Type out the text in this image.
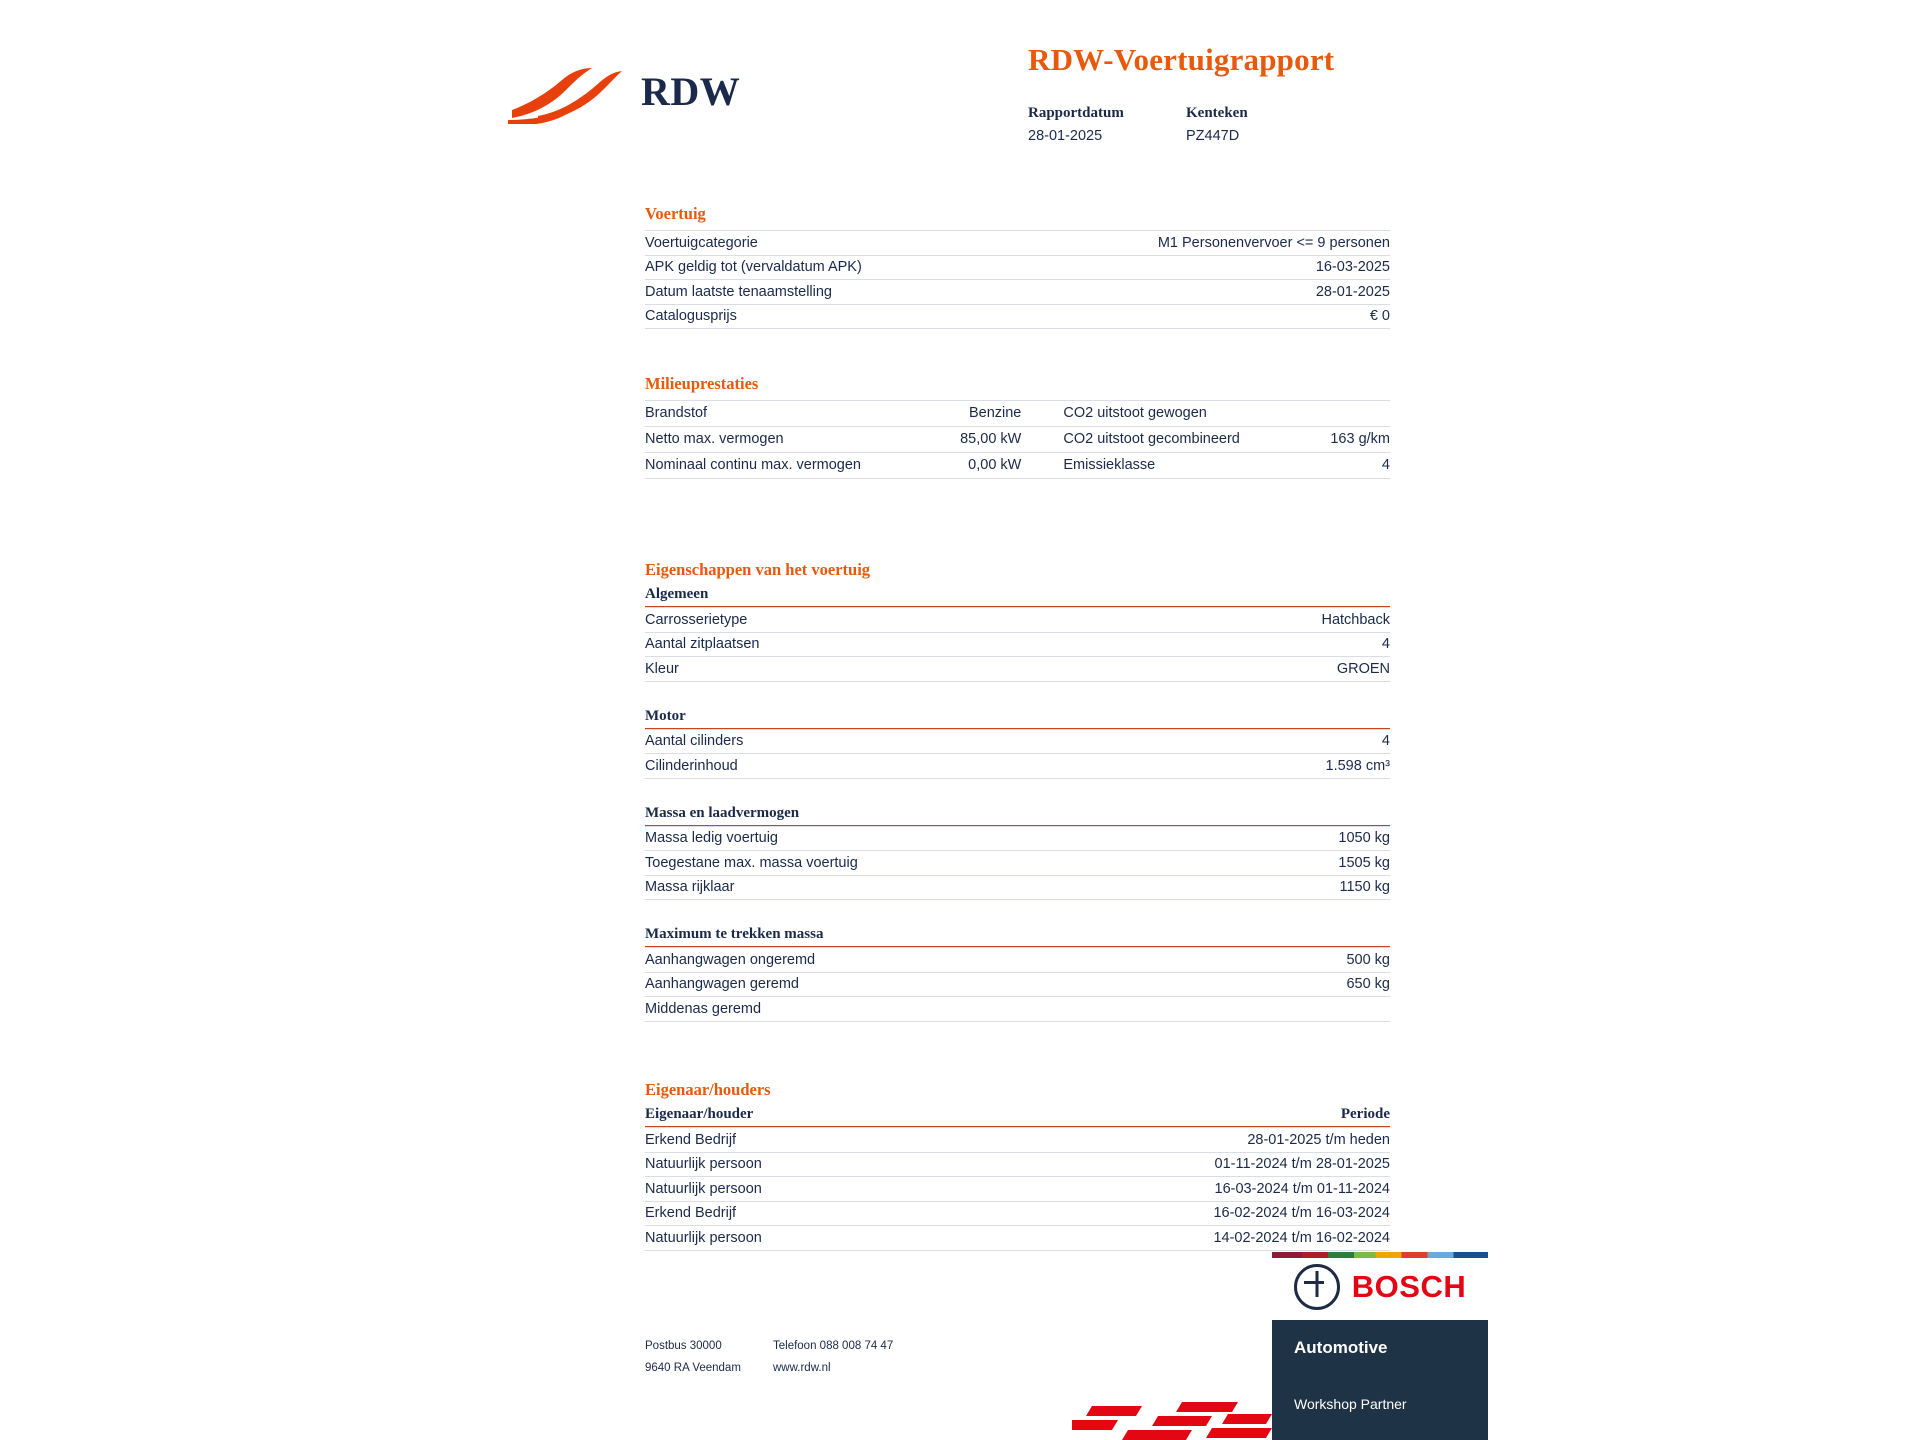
RDW
RDW-Voertuigrapport
Rapportdatum	Kenteken
28-01-2025	PZ447D
Voertuig
Voertuigcategorie	M1 Personenvervoer <= 9 personen
APK geldig tot (vervaldatum APK)	16-03-2025
Datum laatste tenaamstelling	28-01-2025
Catalogusprijs	€ 0
Milieuprestaties
Brandstof	Benzine	CO2 uitstoot gewogen	
Netto max. vermogen	85,00 kW	CO2 uitstoot gecombineerd	163 g/km
Nominaal continu max. vermogen	0,00 kW	Emissieklasse	4
Eigenschappen van het voertuig
Algemeen
Carrosserietype	Hatchback
Aantal zitplaatsen	4
Kleur	GROEN
Motor
Aantal cilinders	4
Cilinderinhoud	1.598 cm³
Massa en laadvermogen
Massa ledig voertuig	1050 kg
Toegestane max. massa voertuig	1505 kg
Massa rijklaar	1150 kg
Maximum te trekken massa
Aanhangwagen ongeremd	500 kg
Aanhangwagen geremd	650 kg
Middenas geremd	
Eigenaar/houders
Eigenaar/houder	Periode
Erkend Bedrijf	28-01-2025 t/m heden
Natuurlijk persoon	01-11-2024 t/m 28-01-2025
Natuurlijk persoon	16-03-2024 t/m 01-11-2024
Erkend Bedrijf	16-02-2024 t/m 16-03-2024
Natuurlijk persoon	14-02-2024 t/m 16-02-2024
Postbus 30000	Telefoon 088 008 74 47
9640 RA Veendam	www.rdw.nl
BOSCH
Automotive
Workshop Partner
